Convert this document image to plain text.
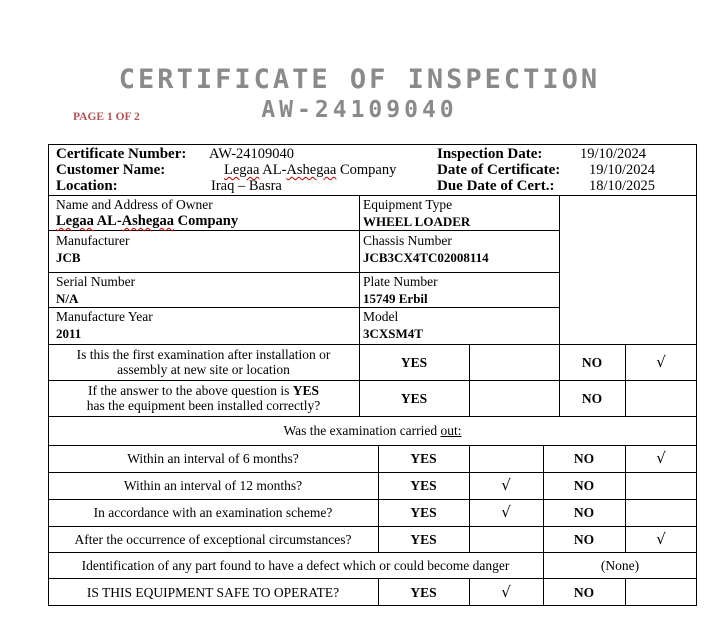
CERTIFICATE OF INSPECTION
AW-24109040
PAGE 1 OF 2
Certificate Number: AW-24109040
Customer Name:	Legaa AL-Ashegaa Company
Location:	Iraq – Basra
Inspection Date:	19/10/2024
Date of Certificate: 19/10/2024
Due Date of Cert.: 18/10/2025
Name and Address of Owner
Legaa AL-Ashegaa Company
Equipment Type
WHEEL LOADER
Manufacturer
JCB
Chassis Number
JCB3CX4TC02008114
Serial Number
N/A
Plate Number
15749 Erbil
Manufacture Year
2011
Model
3CXSM4T
Is this the first examination after installation or
assembly at new site or location	YES	NO	√
If the answer to the above question is YES
has the equipment been installed correctly?	YES	NO
Was the examination carried out:
Within an interval of 6 months?	YES	NO	√
Within an interval of 12 months?	YES	√	NO
In accordance with an examination scheme?	YES	√	NO
After the occurrence of exceptional circumstances?	YES	NO	√
Identification of any part found to have a defect which or could become danger	(None)
IS THIS EQUIPMENT SAFE TO OPERATE?	YES	√	NO
